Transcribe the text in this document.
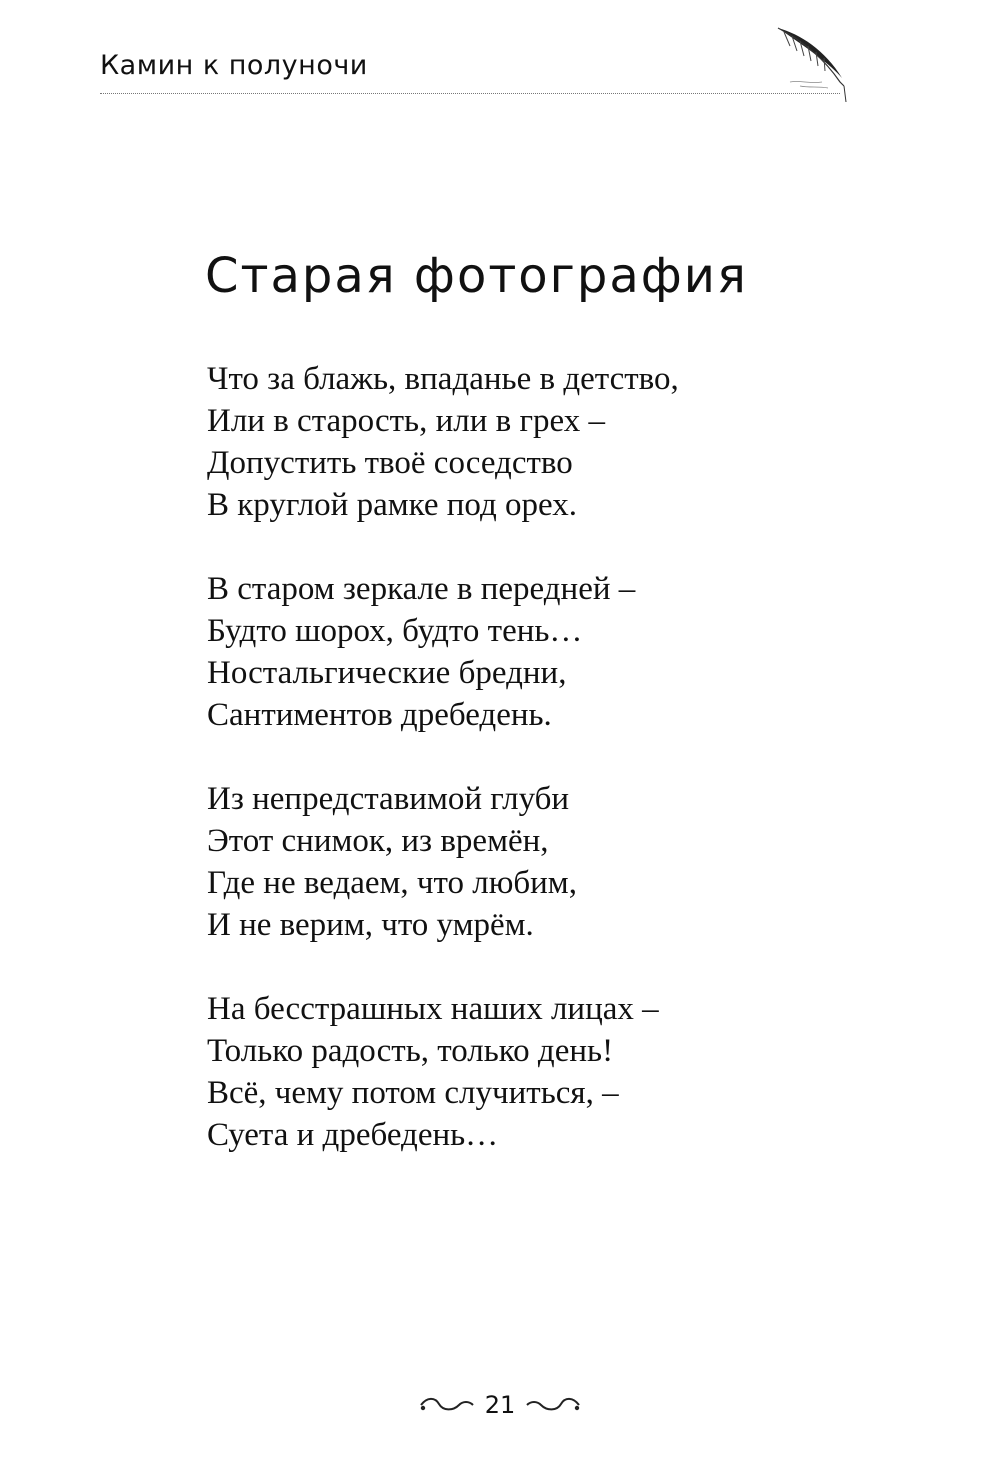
Камин к полуночи
Старая фотография
Что за блажь, впаданье в детство,
Или в старость, или в грех –
Допустить твоё соседство
В круглой рамке под орех.
В старом зеркале в передней –
Будто шорох, будто тень…
Ностальгические бредни,
Сантиментов дребедень.
Из непредставимой глуби
Этот снимок, из времён,
Где не ведаем, что любим,
И не верим, что умрём.
На бесстрашных наших лицах –
Только радость, только день!
Всё, чему потом случиться, –
Суета и дребедень…
21
